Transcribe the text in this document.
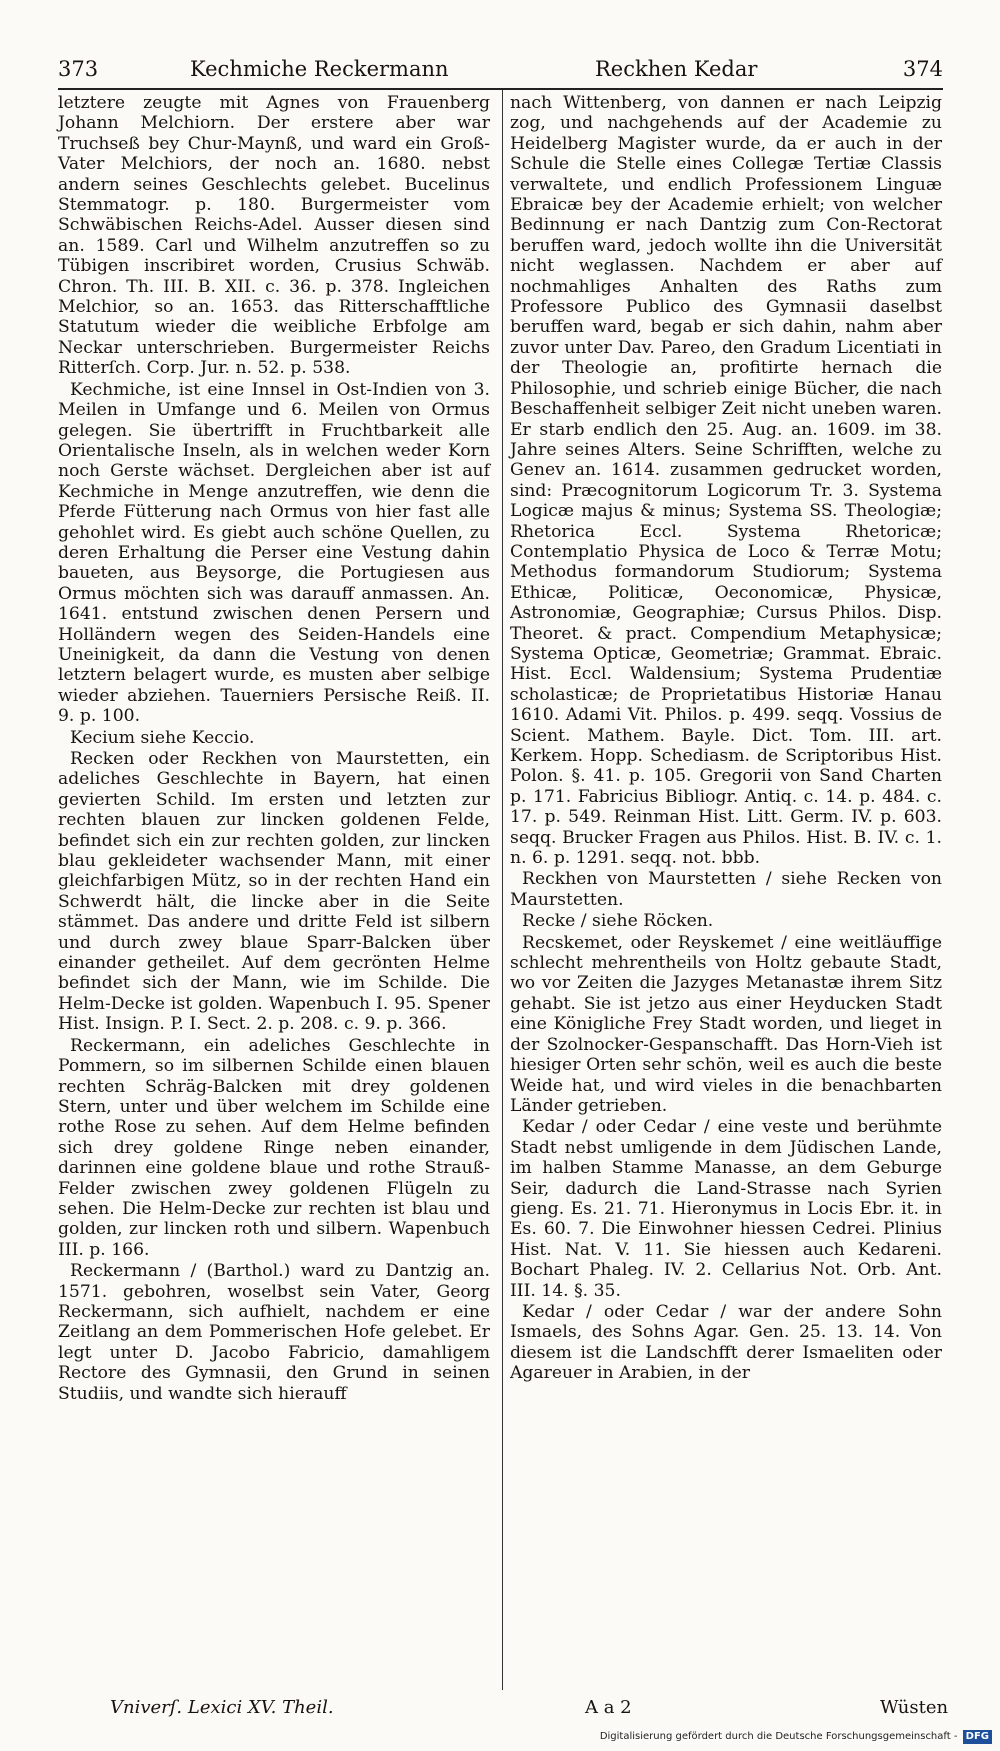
373	Kechmiche Reckermann	Reckhen Kedar	374

letztere zeugte mit Agnes von Frauenberg Johann Melchiorn. Der erstere aber war Truchseß bey Chur-Maynß, und ward ein Groß-Vater Melchiors, der noch an. 1680. nebst andern seines Geschlechts gelebet. Bucelinus Stemmatogr. p. 180. Burgermeister vom Schwäbischen Reichs-Adel. Ausser diesen sind an. 1589. Carl und Wilhelm anzutreffen so zu Tübigen inscribiret worden, Crusius Schwäb. Chron. Th. III. B. XII. c. 36. p. 378. Ingleichen Melchior, so an. 1653. das Ritterschafftliche Statutum wieder die weibliche Erbfolge am Neckar unterschrieben. Burgermeister Reichs Ritterſch. Corp. Jur. n. 52. p. 538.

Kechmiche, ist eine Innsel in Ost-Indien von 3. Meilen in Umfange und 6. Meilen von Ormus gelegen. Sie übertrifft in Fruchtbarkeit alle Orientalische Inseln, als in welchen weder Korn noch Gerste wächset. Dergleichen aber ist auf Kechmiche in Menge anzutreffen, wie denn die Pferde Fütterung nach Ormus von hier fast alle gehohlet wird. Es giebt auch schöne Quellen, zu deren Erhaltung die Perser eine Vestung dahin baueten, aus Beysorge, die Portugiesen aus Ormus möchten sich was darauff anmassen. An. 1641. entstund zwischen denen Persern und Holländern wegen des Seiden-Handels eine Uneinigkeit, da dann die Vestung von denen letztern belagert wurde, es musten aber selbige wieder abziehen. Tauerniers Persische Reiß. II. 9. p. 100.

Kecium siehe Keccio.

Recken oder Reckhen von Maurstetten, ein adeliches Geschlechte in Bayern, hat einen gevierten Schild. Im ersten und letzten zur rechten blauen zur lincken goldenen Felde, befindet sich ein zur rechten golden, zur lincken blau gekleideter wachsender Mann, mit einer gleichfarbigen Mütz, so in der rechten Hand ein Schwerdt hält, die lincke aber in die Seite stämmet. Das andere und dritte Feld ist silbern und durch zwey blaue Sparr-Balcken über einander getheilet. Auf dem gecrönten Helme befindet sich der Mann, wie im Schilde. Die Helm-Decke ist golden. Wapenbuch I. 95. Spener Hist. Insign. P. I. Sect. 2. p. 208. c. 9. p. 366.

Reckermann, ein adeliches Geschlechte in Pommern, so im silbernen Schilde einen blauen rechten Schräg-Balcken mit drey goldenen Stern, unter und über welchem im Schilde eine rothe Rose zu sehen. Auf dem Helme befinden sich drey goldene Ringe neben einander, darinnen eine goldene blaue und rothe Strauß-Felder zwischen zwey goldenen Flügeln zu sehen. Die Helm-Decke zur rechten ist blau und golden, zur lincken roth und silbern. Wapenbuch III. p. 166.

Reckermann / (Barthol.) ward zu Dantzig an. 1571. gebohren, woselbst sein Vater, Georg Reckermann, sich aufhielt, nachdem er eine Zeitlang an dem Pommerischen Hofe gelebet. Er legt unter D. Jacobo Fabricio, damahligem Rectore des Gymnasii, den Grund in seinen Studiis, und wandte sich hierauff

nach Wittenberg, von dannen er nach Leipzig zog, und nachgehends auf der Academie zu Heidelberg Magister wurde, da er auch in der Schule die Stelle eines Collegæ Tertiæ Classis verwaltete, und endlich Professionem Linguæ Ebraicæ bey der Academie erhielt; von welcher Bedinnung er nach Dantzig zum Con-Rectorat beruffen ward, jedoch wollte ihn die Universität nicht weglassen. Nachdem er aber auf nochmahliges Anhalten des Raths zum Professore Publico des Gymnasii daselbst beruffen ward, begab er sich dahin, nahm aber zuvor unter Dav. Pareo, den Gradum Licentiati in der Theologie an, profitirte hernach die Philosophie, und schrieb einige Bücher, die nach Beschaffenheit selbiger Zeit nicht uneben waren. Er starb endlich den 25. Aug. an. 1609. im 38. Jahre seines Alters. Seine Schrifften, welche zu Genev an. 1614. zusammen gedrucket worden, sind: Præcognitorum Logicorum Tr. 3. Systema Logicæ majus & minus; Systema SS. Theologiæ; Rhetorica Eccl. Systema Rhetoricæ; Contemplatio Physica de Loco & Terræ Motu; Methodus formandorum Studiorum; Systema Ethicæ, Politicæ, Oeconomicæ, Physicæ, Astronomiæ, Geographiæ; Cursus Philos. Disp. Theoret. & pract. Compendium Metaphysicæ; Systema Opticæ, Geometriæ; Grammat. Ebraic. Hist. Eccl. Waldensium; Systema Prudentiæ scholasticæ; de Proprietatibus Historiæ Hanau 1610. Adami Vit. Philos. p. 499. seqq. Vossius de Scient. Mathem. Bayle. Dict. Tom. III. art. Kerkem. Hopp. Schediasm. de Scriptoribus Hist. Polon. §. 41. p. 105. Gregorii von Sand Charten p. 171. Fabricius Bibliogr. Antiq. c. 14. p. 484. c. 17. p. 549. Reinman Hist. Litt. Germ. IV. p. 603. seqq. Brucker Fragen aus Philos. Hist. B. IV. c. 1. n. 6. p. 1291. seqq. not. bbb.

Reckhen von Maurstetten / siehe Recken von Maurstetten.

Recke / siehe Röcken.

Recskemet, oder Reyskemet / eine weitläuffige schlecht mehrentheils von Holtz gebaute Stadt, wo vor Zeiten die Jazyges Metanastæ ihrem Sitz gehabt. Sie ist jetzo aus einer Heyducken Stadt eine Königliche Frey Stadt worden, und lieget in der Szolnocker-Gespanschafft. Das Horn-Vieh ist hiesiger Orten sehr schön, weil es auch die beste Weide hat, und wird vieles in die benachbarten Länder getrieben.

Kedar / oder Cedar / eine veste und berühmte Stadt nebst umligende in dem Jüdischen Lande, im halben Stamme Manasse, an dem Geburge Seir, dadurch die Land-Strasse nach Syrien gieng. Es. 21. 71. Hieronymus in Locis Ebr. it. in Es. 60. 7. Die Einwohner hiessen Cedrei. Plinius Hist. Nat. V. 11. Sie hiessen auch Kedareni. Bochart Phaleg. IV. 2. Cellarius Not. Orb. Ant. III. 14. §. 35.

Kedar / oder Cedar / war der andere Sohn Ismaels, des Sohns Agar. Gen. 25. 13. 14. Von diesem ist die Landschfft derer Ismaeliten oder Agareuer in Arabien, in der

Vniverſ. Lexici XV. Theil.	A a 2	Wüsten
Digitalisierung gefördert durch die Deutsche Forschungsgemeinschaft - DFG
